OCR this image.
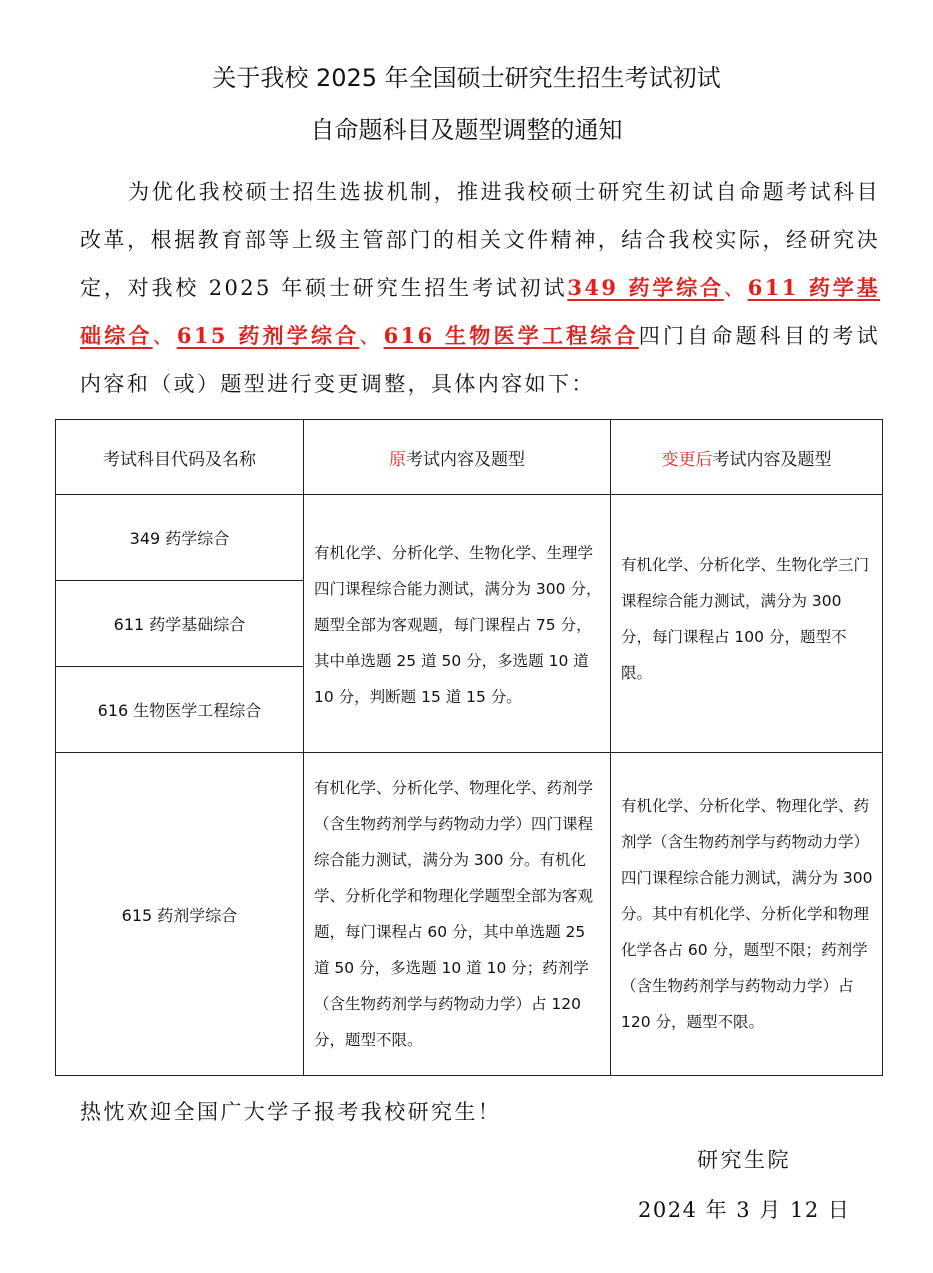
关于我校 2025 年全国硕士研究生招生考试初试
自命题科目及题型调整的通知
为优化我校硕士招生选拔机制，推进我校硕士研究生初试自命题考试科目改革，根据教育部等上级主管部门的相关文件精神，结合我校实际，经研究决定，对我校 2025 年硕士研究生招生考试初试349 药学综合、611 药学基础综合、615 药剂学综合、616 生物医学工程综合四门自命题科目的考试内容和（或）题型进行变更调整，具体内容如下：
考试科目代码及名称	原考试内容及题型	变更后考试内容及题型
349 药学综合	有机化学、分析化学、生物化学、生理学四门课程综合能力测试，满分为 300 分，题型全部为客观题，每门课程占 75 分，其中单选题 25 道 50 分，多选题 10 道 10 分，判断题 15 道 15 分。	有机化学、分析化学、生物化学三门课程综合能力测试，满分为 300 分，每门课程占 100 分，题型不限。

611 药学基础综合		
616 生物医学工程综合		
615 药剂学综合	有机化学、分析化学、物理化学、药剂学（含生物药剂学与药物动力学）四门课程综合能力测试，满分为 300 分。有机化学、分析化学和物理化学题型全部为客观题，每门课程占 60 分，其中单选题 25 道 50 分，多选题 10 道 10 分；药剂学（含生物药剂学与药物动力学）占 120 分，题型不限。	有机化学、分析化学、物理化学、药剂学（含生物药剂学与药物动力学）四门课程综合能力测试，满分为 300 分。其中有机化学、分析化学和物理化学各占 60 分，题型不限；药剂学（含生物药剂学与药物动力学）占 120 分，题型不限。
热忱欢迎全国广大学子报考我校研究生！
研究生院
2024 年 3 月 12 日
